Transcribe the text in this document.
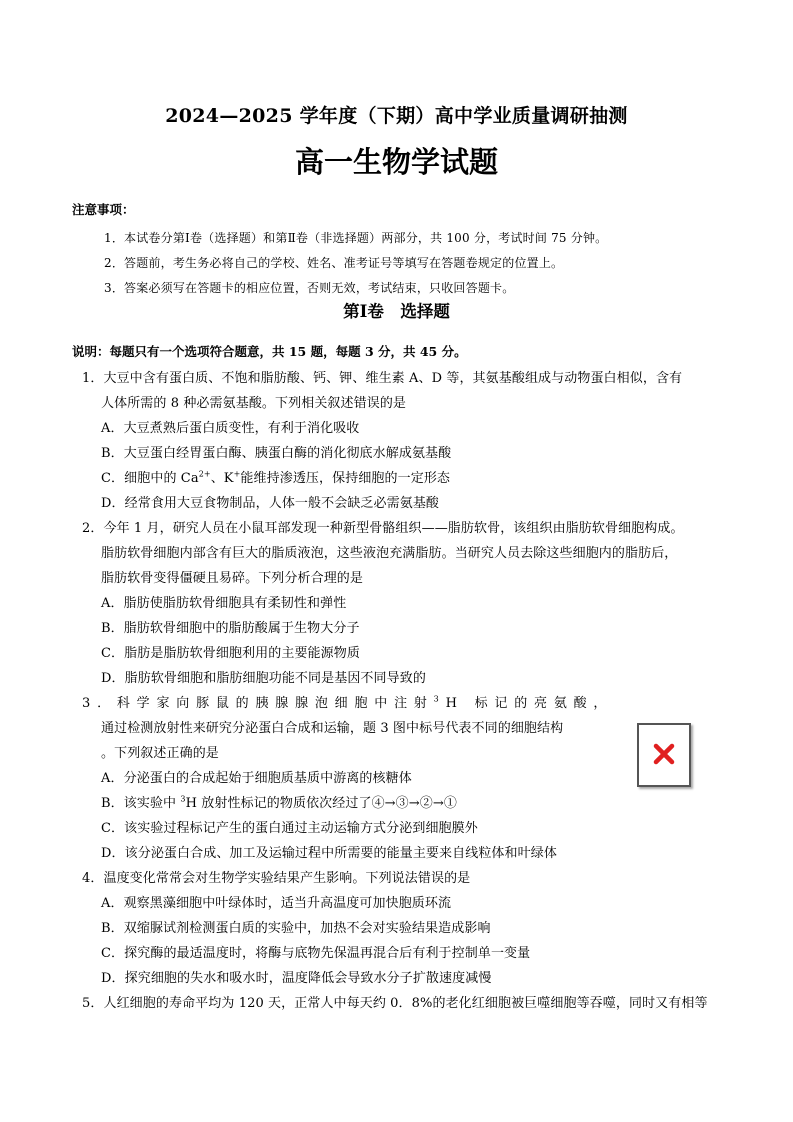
2024—2025 学年度（下期）高中学业质量调研抽测
高一生物学试题
注意事项：
1．本试卷分第Ⅰ卷（选择题）和第Ⅱ卷（非选择题）两部分，共 100 分，考试时间 75 分钟。
2．答题前，考生务必将自己的学校、姓名、准考证号等填写在答题卷规定的位置上。
3．答案必须写在答题卡的相应位置，否则无效，考试结束，只收回答题卡。
第Ⅰ卷　选择题
说明：每题只有一个选项符合题意，共 15 题，每题 3 分，共 45 分。
1．大豆中含有蛋白质、不饱和脂肪酸、钙、钾、维生素 A、D 等，其氨基酸组成与动物蛋白相似，含有
人体所需的 8 种必需氨基酸。下列相关叙述错误的是
A．大豆煮熟后蛋白质变性，有利于消化吸收
B．大豆蛋白经胃蛋白酶、胰蛋白酶的消化彻底水解成氨基酸
C．细胞中的 $Ca^{2+}$、K+能维持渗透压，保持细胞的一定形态
D．经常食用大豆食物制品，人体一般不会缺乏必需氨基酸
2．今年 1 月，研究人员在小鼠耳部发现一种新型骨骼组织——脂肪软骨，该组织由脂肪软骨细胞构成。
脂肪软骨细胞内部含有巨大的脂质液泡，这些液泡充满脂肪。当研究人员去除这些细胞内的脂肪后，
脂肪软骨变得僵硬且易碎。下列分析合理的是
A．脂肪使脂肪软骨细胞具有柔韧性和弹性
B．脂肪软骨细胞中的脂肪酸属于生物大分子
C．脂肪是脂肪软骨细胞利用的主要能源物质
D．脂肪软骨细胞和脂肪细胞功能不同是基因不同导致的
3．科学家向豚鼠的胰腺腺泡细胞中注射$^3$H 标记的亮氨酸，
通过检测放射性来研究分泌蛋白合成和运输，题 3 图中标号代表不同的细胞结构
。下列叙述正确的是
A．分泌蛋白的合成起始于细胞质基质中游离的核糖体
B．该实验中 $^3$H 放射性标记的物质依次经过了④→③→②→①
C．该实验过程标记产生的蛋白通过主动运输方式分泌到细胞膜外
D．该分泌蛋白合成、加工及运输过程中所需要的能量主要来自线粒体和叶绿体
4．温度变化常常会对生物学实验结果产生影响。下列说法错误的是
A．观察黑藻细胞中叶绿体时，适当升高温度可加快胞质环流
B．双缩脲试剂检测蛋白质的实验中，加热不会对实验结果造成影响
C．探究酶的最适温度时，将酶与底物先保温再混合后有利于控制单一变量
D．探究细胞的失水和吸水时，温度降低会导致水分子扩散速度减慢
5．人红细胞的寿命平均为 120 天，正常人中每天约 0．8%的老化红细胞被巨噬细胞等吞噬，同时又有相等
